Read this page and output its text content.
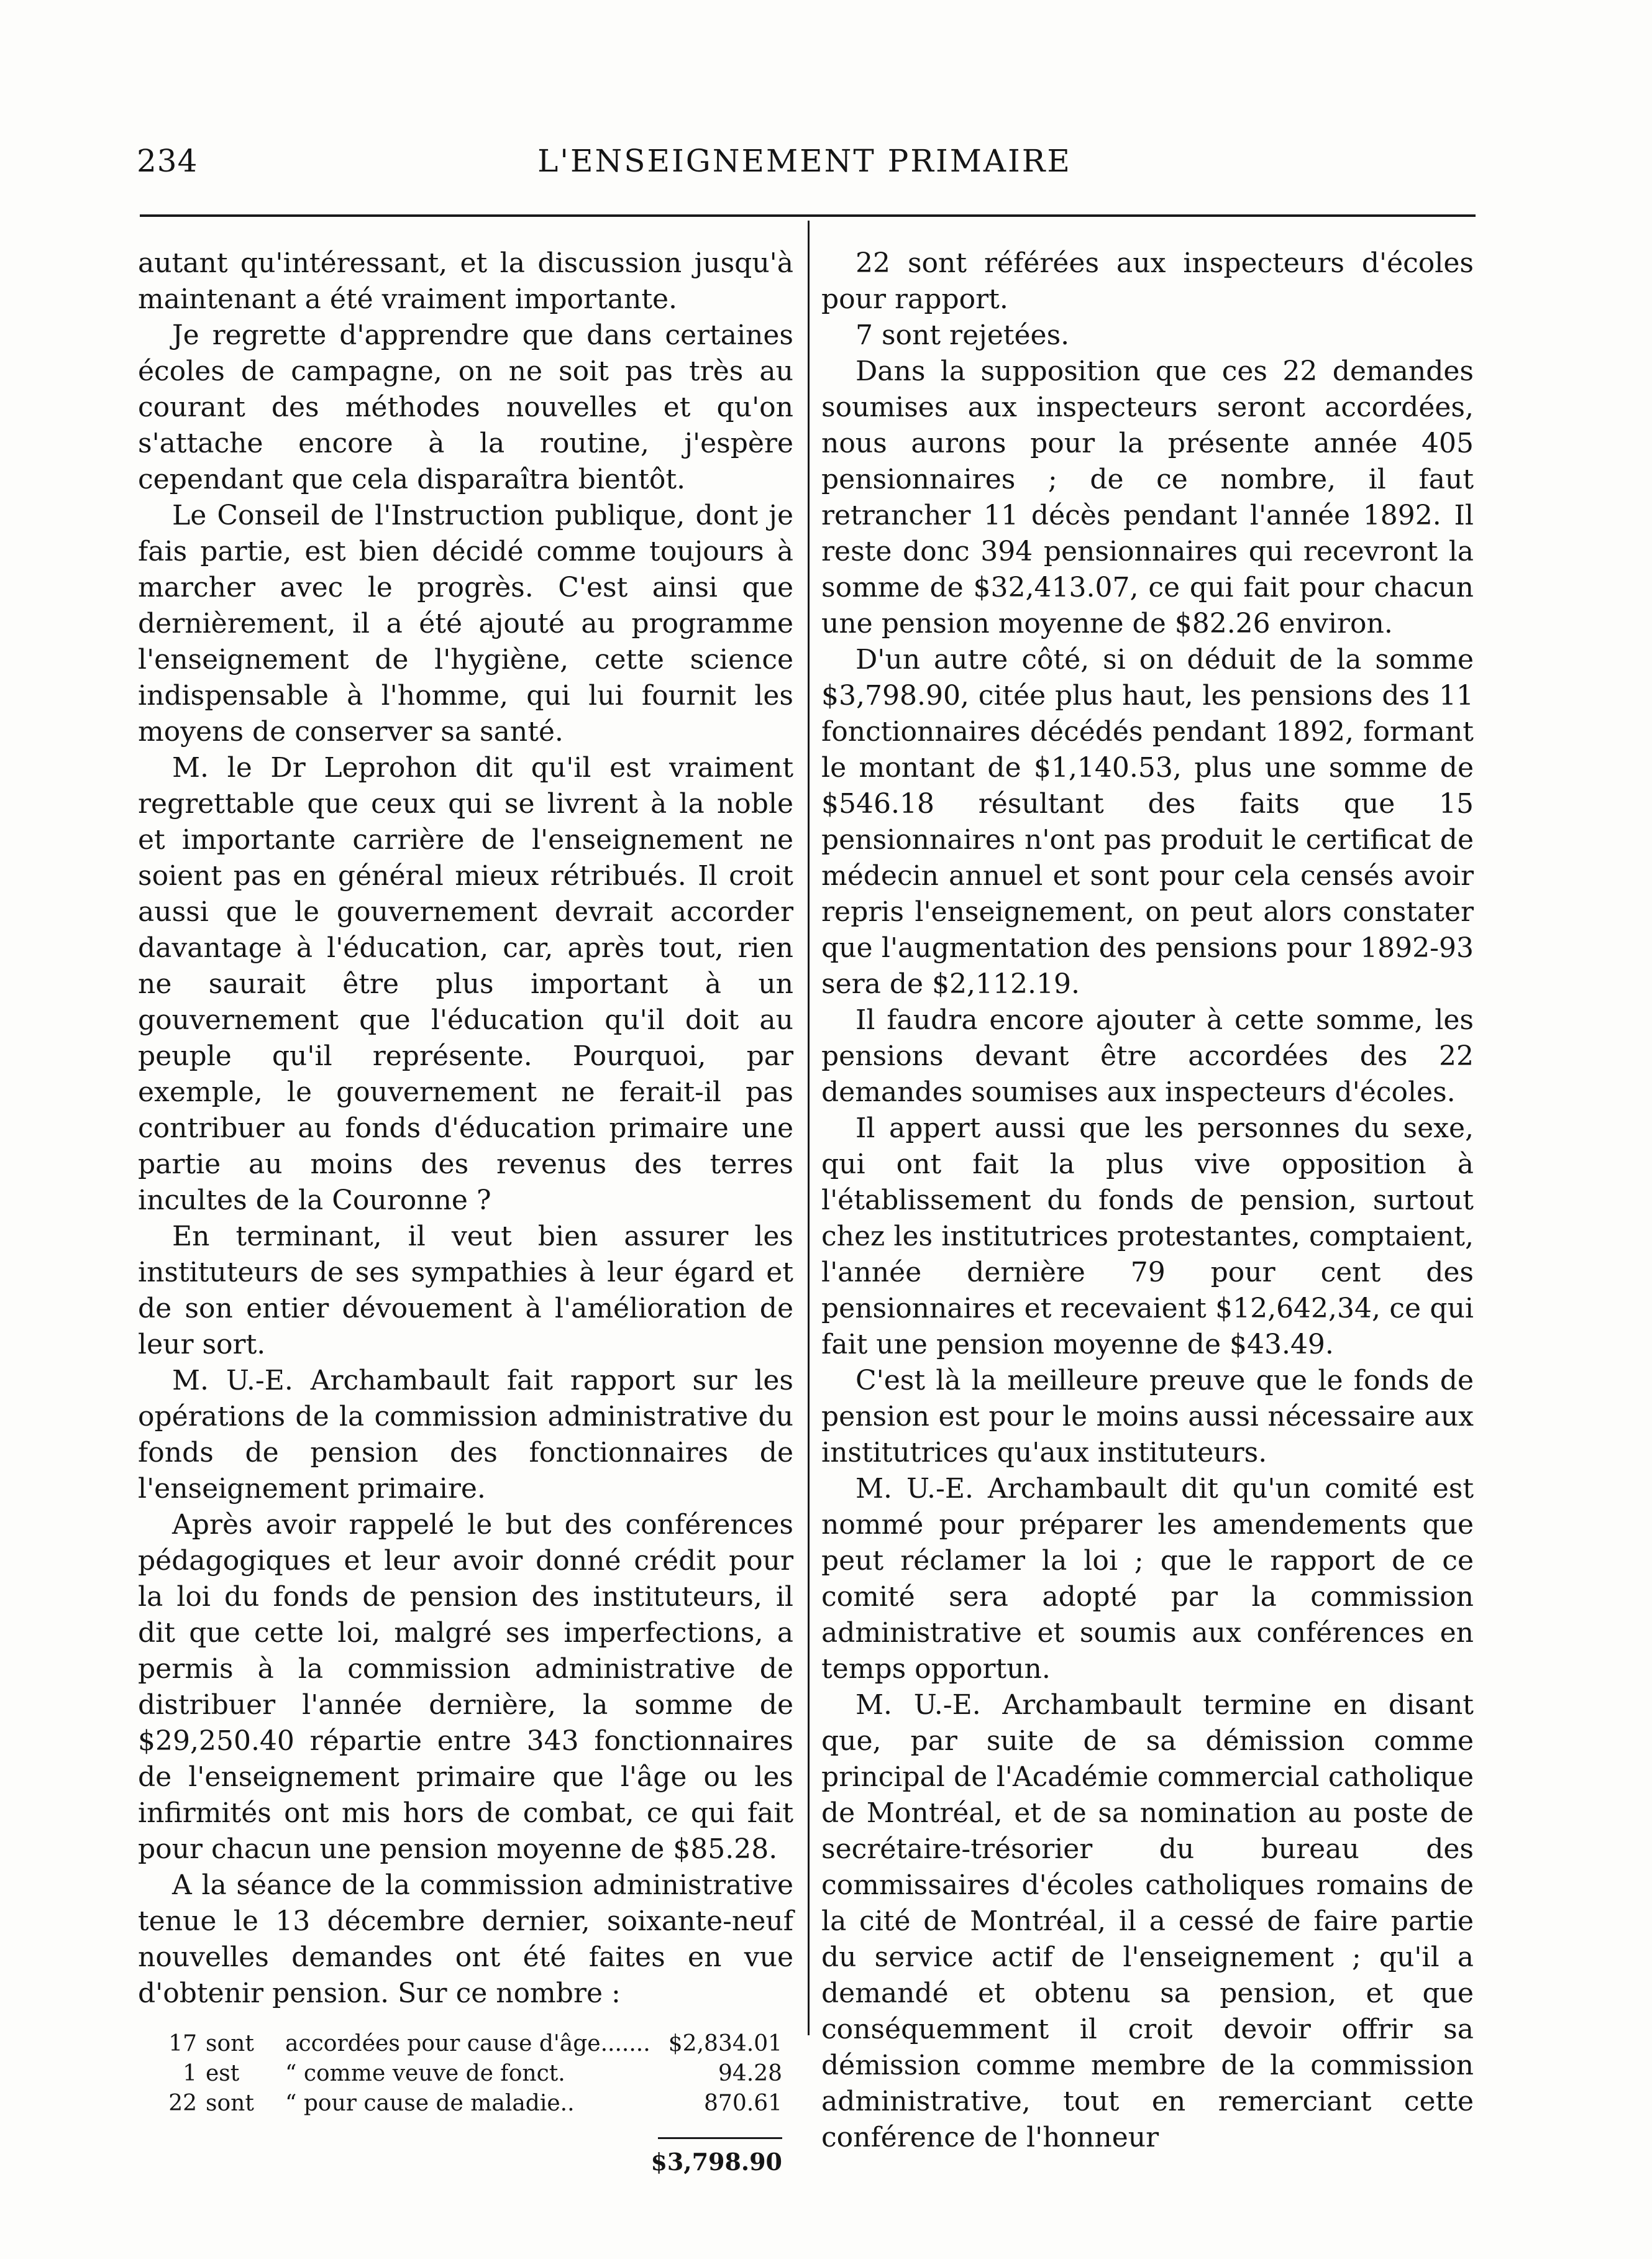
234	L'ENSEIGNEMENT PRIMAIRE

autant qu'intéressant, et la discussion jusqu'à maintenant a été vraiment importante.

Je regrette d'apprendre que dans certaines écoles de campagne, on ne soit pas très au courant des méthodes nouvelles et qu'on s'attache encore à la routine, j'espère cependant que cela disparaîtra bientôt.

Le Conseil de l'Instruction publique, dont je fais partie, est bien décidé comme toujours à marcher avec le progrès. C'est ainsi que dernièrement, il a été ajouté au programme l'enseignement de l'hygiène, cette science indispensable à l'homme, qui lui fournit les moyens de conserver sa santé.

M. le Dr Leprohon dit qu'il est vraiment regrettable que ceux qui se livrent à la noble et importante carrière de l'enseignement ne soient pas en général mieux rétribués. Il croit aussi que le gouvernement devrait accorder davantage à l'éducation, car, après tout, rien ne saurait être plus important à un gouvernement que l'éducation qu'il doit au peuple qu'il représente. Pourquoi, par exemple, le gouvernement ne ferait-il pas contribuer au fonds d'éducation primaire une partie au moins des revenus des terres incultes de la Couronne ?

En terminant, il veut bien assurer les instituteurs de ses sympathies à leur égard et de son entier dévouement à l'amélioration de leur sort.

M. U.-E. Archambault fait rapport sur les opérations de la commission administrative du fonds de pension des fonctionnaires de l'enseignement primaire.

Après avoir rappelé le but des conférences pédagogiques et leur avoir donné crédit pour la loi du fonds de pension des instituteurs, il dit que cette loi, malgré ses imperfections, a permis à la commission administrative de distribuer l'année dernière, la somme de $29,250.40 répartie entre 343 fonctionnaires de l'enseignement primaire que l'âge ou les infirmités ont mis hors de combat, ce qui fait pour chacun une pension moyenne de $85.28.

A la séance de la commission administrative tenue le 13 décembre dernier, soixante-neuf nouvelles demandes ont été faites en vue d'obtenir pension. Sur ce nombre :

17 sont	accordées pour cause d'âge....... $2,834.01
1 est	“ comme veuve de fonct.	94.28
22 sont	“ pour cause de maladie..	870.61
$3,798.90

22 sont référées aux inspecteurs d'écoles pour rapport.

7 sont rejetées.

Dans la supposition que ces 22 demandes soumises aux inspecteurs seront accordées, nous aurons pour la présente année 405 pensionnaires ; de ce nombre, il faut retrancher 11 décès pendant l'année 1892. Il reste donc 394 pensionnaires qui recevront la somme de $32,413.07, ce qui fait pour chacun une pension moyenne de $82.26 environ.

D'un autre côté, si on déduit de la somme $3,798.90, citée plus haut, les pensions des 11 fonctionnaires décédés pendant 1892, formant le montant de $1,140.53, plus une somme de $546.18 résultant des faits que 15 pensionnaires n'ont pas produit le certificat de médecin annuel et sont pour cela censés avoir repris l'enseignement, on peut alors constater que l'augmentation des pensions pour 1892-93 sera de $2,112.19.

Il faudra encore ajouter à cette somme, les pensions devant être accordées des 22 demandes soumises aux inspecteurs d'écoles.

Il appert aussi que les personnes du sexe, qui ont fait la plus vive opposition à l'établissement du fonds de pension, surtout chez les institutrices protestantes, comptaient, l'année dernière 79 pour cent des pensionnaires et recevaient $12,642,34, ce qui fait une pension moyenne de $43.49.

C'est là la meilleure preuve que le fonds de pension est pour le moins aussi nécessaire aux institutrices qu'aux instituteurs.

M. U.-E. Archambault dit qu'un comité est nommé pour préparer les amendements que peut réclamer la loi ; que le rapport de ce comité sera adopté par la commission administrative et soumis aux conférences en temps opportun.

M. U.-E. Archambault termine en disant que, par suite de sa démission comme principal de l'Académie commercial catholique de Montréal, et de sa nomination au poste de secrétaire-trésorier du bureau des commissaires d'écoles catholiques romains de la cité de Montréal, il a cessé de faire partie du service actif de l'enseignement ; qu'il a demandé et obtenu sa pension, et que conséquemment il croit devoir offrir sa démission comme membre de la commission administrative, tout en remerciant cette conférence de l'honneur
